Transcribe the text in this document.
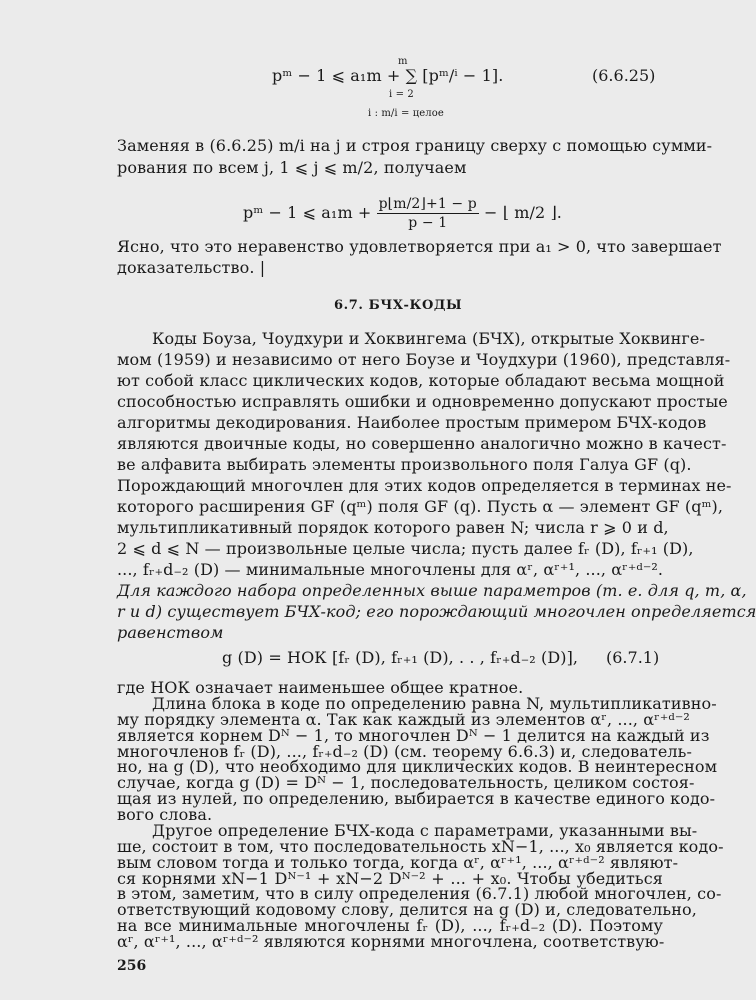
pᵐ − 1 ⩽ a₁m + ∑ [pᵐ/ⁱ − 1].
m
i = 2
i : m/i = целое
(6.6.25)
Заменяя в (6.6.25) m/i на j и строя границу сверху с помощью сумми-
рования по всем j, 1 ⩽ j ⩽ m/2, получаем
pᵐ − 1 ⩽ $a_1m + \frac{p⌊m/2⌋+1 - p}{p - 1}$ − ⌊ m/2 ⌋.
Ясно, что это неравенство удовлетворяется при a₁ > 0, что завершает
доказательство. |
6.7. БЧХ-КОДЫ
Коды Боуза, Чоудхури и Хоквингема (БЧХ), открытые Хоквинге-
мом (1959) и независимо от него Боузе и Чоудхури (1960), представля-
ют собой класс циклических кодов, которые обладают весьма мощной
способностью исправлять ошибки и одновременно допускают простые
алгоритмы декодирования. Наиболее простым примером БЧХ-кодов
являются двоичные коды, но совершенно аналогично можно в качест-
ве алфавита выбирать элементы произвольного поля Галуа GF (q).
Порождающий многочлен для этих кодов определяется в терминах не-
которого расширения GF (qᵐ) поля GF (q). Пусть α — элемент GF (qᵐ),
мультипликативный порядок которого равен N; числа r ⩾ 0 и d,
2 ⩽ d ⩽ N — произвольные целые числа; пусть далее fᵣ (D), fᵣ₊₁ (D),
..., fᵣ₊d₋₂ (D) — минимальные многочлены для αʳ, αʳ⁺¹, ..., αʳ⁺ᵈ⁻².
Для каждого набора определенных выше параметров (т. е. для q, m, α,
r и d) существует БЧХ-код; его порождающий многочлен определяется
равенством
g (D) = НОК [fᵣ (D), fᵣ₊₁ (D), . . , fᵣ₊d₋₂ (D)], (6.7.1)
где НОК означает наименьшее общее кратное.
Длина блока в коде по определению равна N, мультипликативно-
му порядку элемента α. Так как каждый из элементов αʳ, ..., αʳ⁺ᵈ⁻²
является корнем Dᴺ − 1, то многочлен Dᴺ − 1 делится на каждый из
многочленов fᵣ (D), ..., fᵣ₊d₋₂ (D) (см. теорему 6.6.3) и, следователь-
но, на g (D), что необходимо для циклических кодов. В неинтересном
случае, когда g (D) = Dᴺ − 1, последовательность, целиком состоя-
щая из нулей, по определению, выбирается в качестве единого кодо-
вого слова.
Другое определение БЧХ-кода с параметрами, указанными вы-
ше, состоит в том, что последовательность xN−1, ..., x₀ является кодо-
вым словом тогда и только тогда, когда αʳ, αʳ⁺¹, ..., αʳ⁺ᵈ⁻² являют-
ся корнями xN−1 Dᴺ⁻¹ + xN−2 Dᴺ⁻² + ... + x₀. Чтобы убедиться
в этом, заметим, что в силу определения (6.7.1) любой многочлен, со-
ответствующий кодовому слову, делится на g (D) и, следовательно,
на все минимальные многочлены fᵣ (D), ..., fᵣ₊d₋₂ (D). Поэтому
αʳ, αʳ⁺¹, ..., αʳ⁺ᵈ⁻² являются корнями многочлена, соответствую-
256
